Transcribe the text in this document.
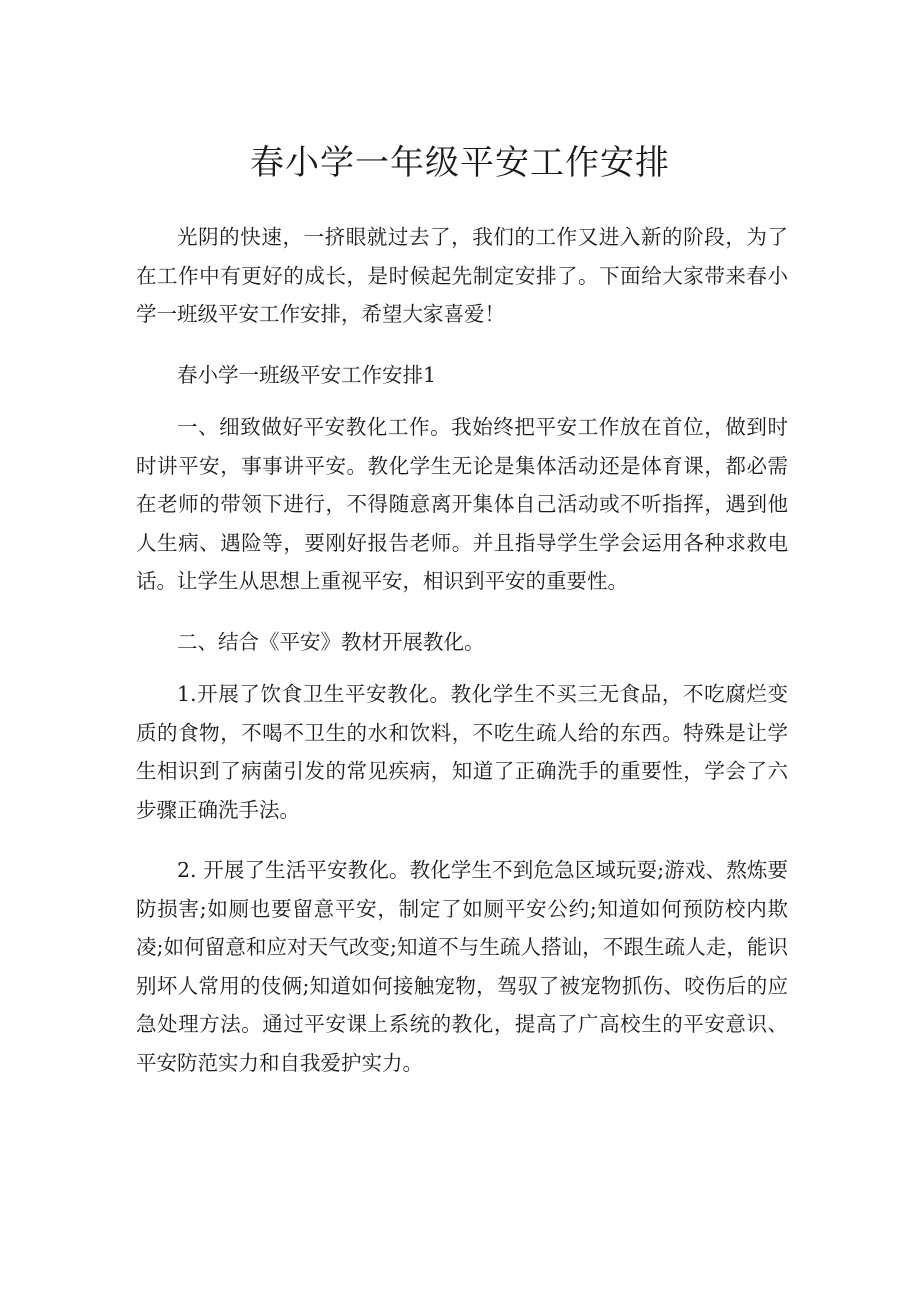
春小学一年级平安工作安排

光阴的快速，一挤眼就过去了，我们的工作又进入新的阶段，为了在工作中有更好的成长，是时候起先制定安排了。下面给大家带来春小学一班级平安工作安排，希望大家喜爱！

春小学一班级平安工作安排1

一、细致做好平安教化工作。我始终把平安工作放在首位，做到时时讲平安，事事讲平安。教化学生无论是集体活动还是体育课，都必需在老师的带领下进行，不得随意离开集体自己活动或不听指挥，遇到他人生病、遇险等，要刚好报告老师。并且指导学生学会运用各种求救电话。让学生从思想上重视平安，相识到平安的重要性。

二、结合《平安》教材开展教化。

1.开展了饮食卫生平安教化。教化学生不买三无食品，不吃腐烂变质的食物，不喝不卫生的水和饮料，不吃生疏人给的东西。特殊是让学生相识到了病菌引发的常见疾病，知道了正确洗手的重要性，学会了六步骤正确洗手法。

2. 开展了生活平安教化。教化学生不到危急区域玩耍;游戏、熬炼要防损害;如厕也要留意平安，制定了如厕平安公约;知道如何预防校内欺凌;如何留意和应对天气改变;知道不与生疏人搭讪，不跟生疏人走，能识别坏人常用的伎俩;知道如何接触宠物，驾驭了被宠物抓伤、咬伤后的应急处理方法。通过平安课上系统的教化，提高了广高校生的平安意识、平安防范实力和自我爱护实力。
